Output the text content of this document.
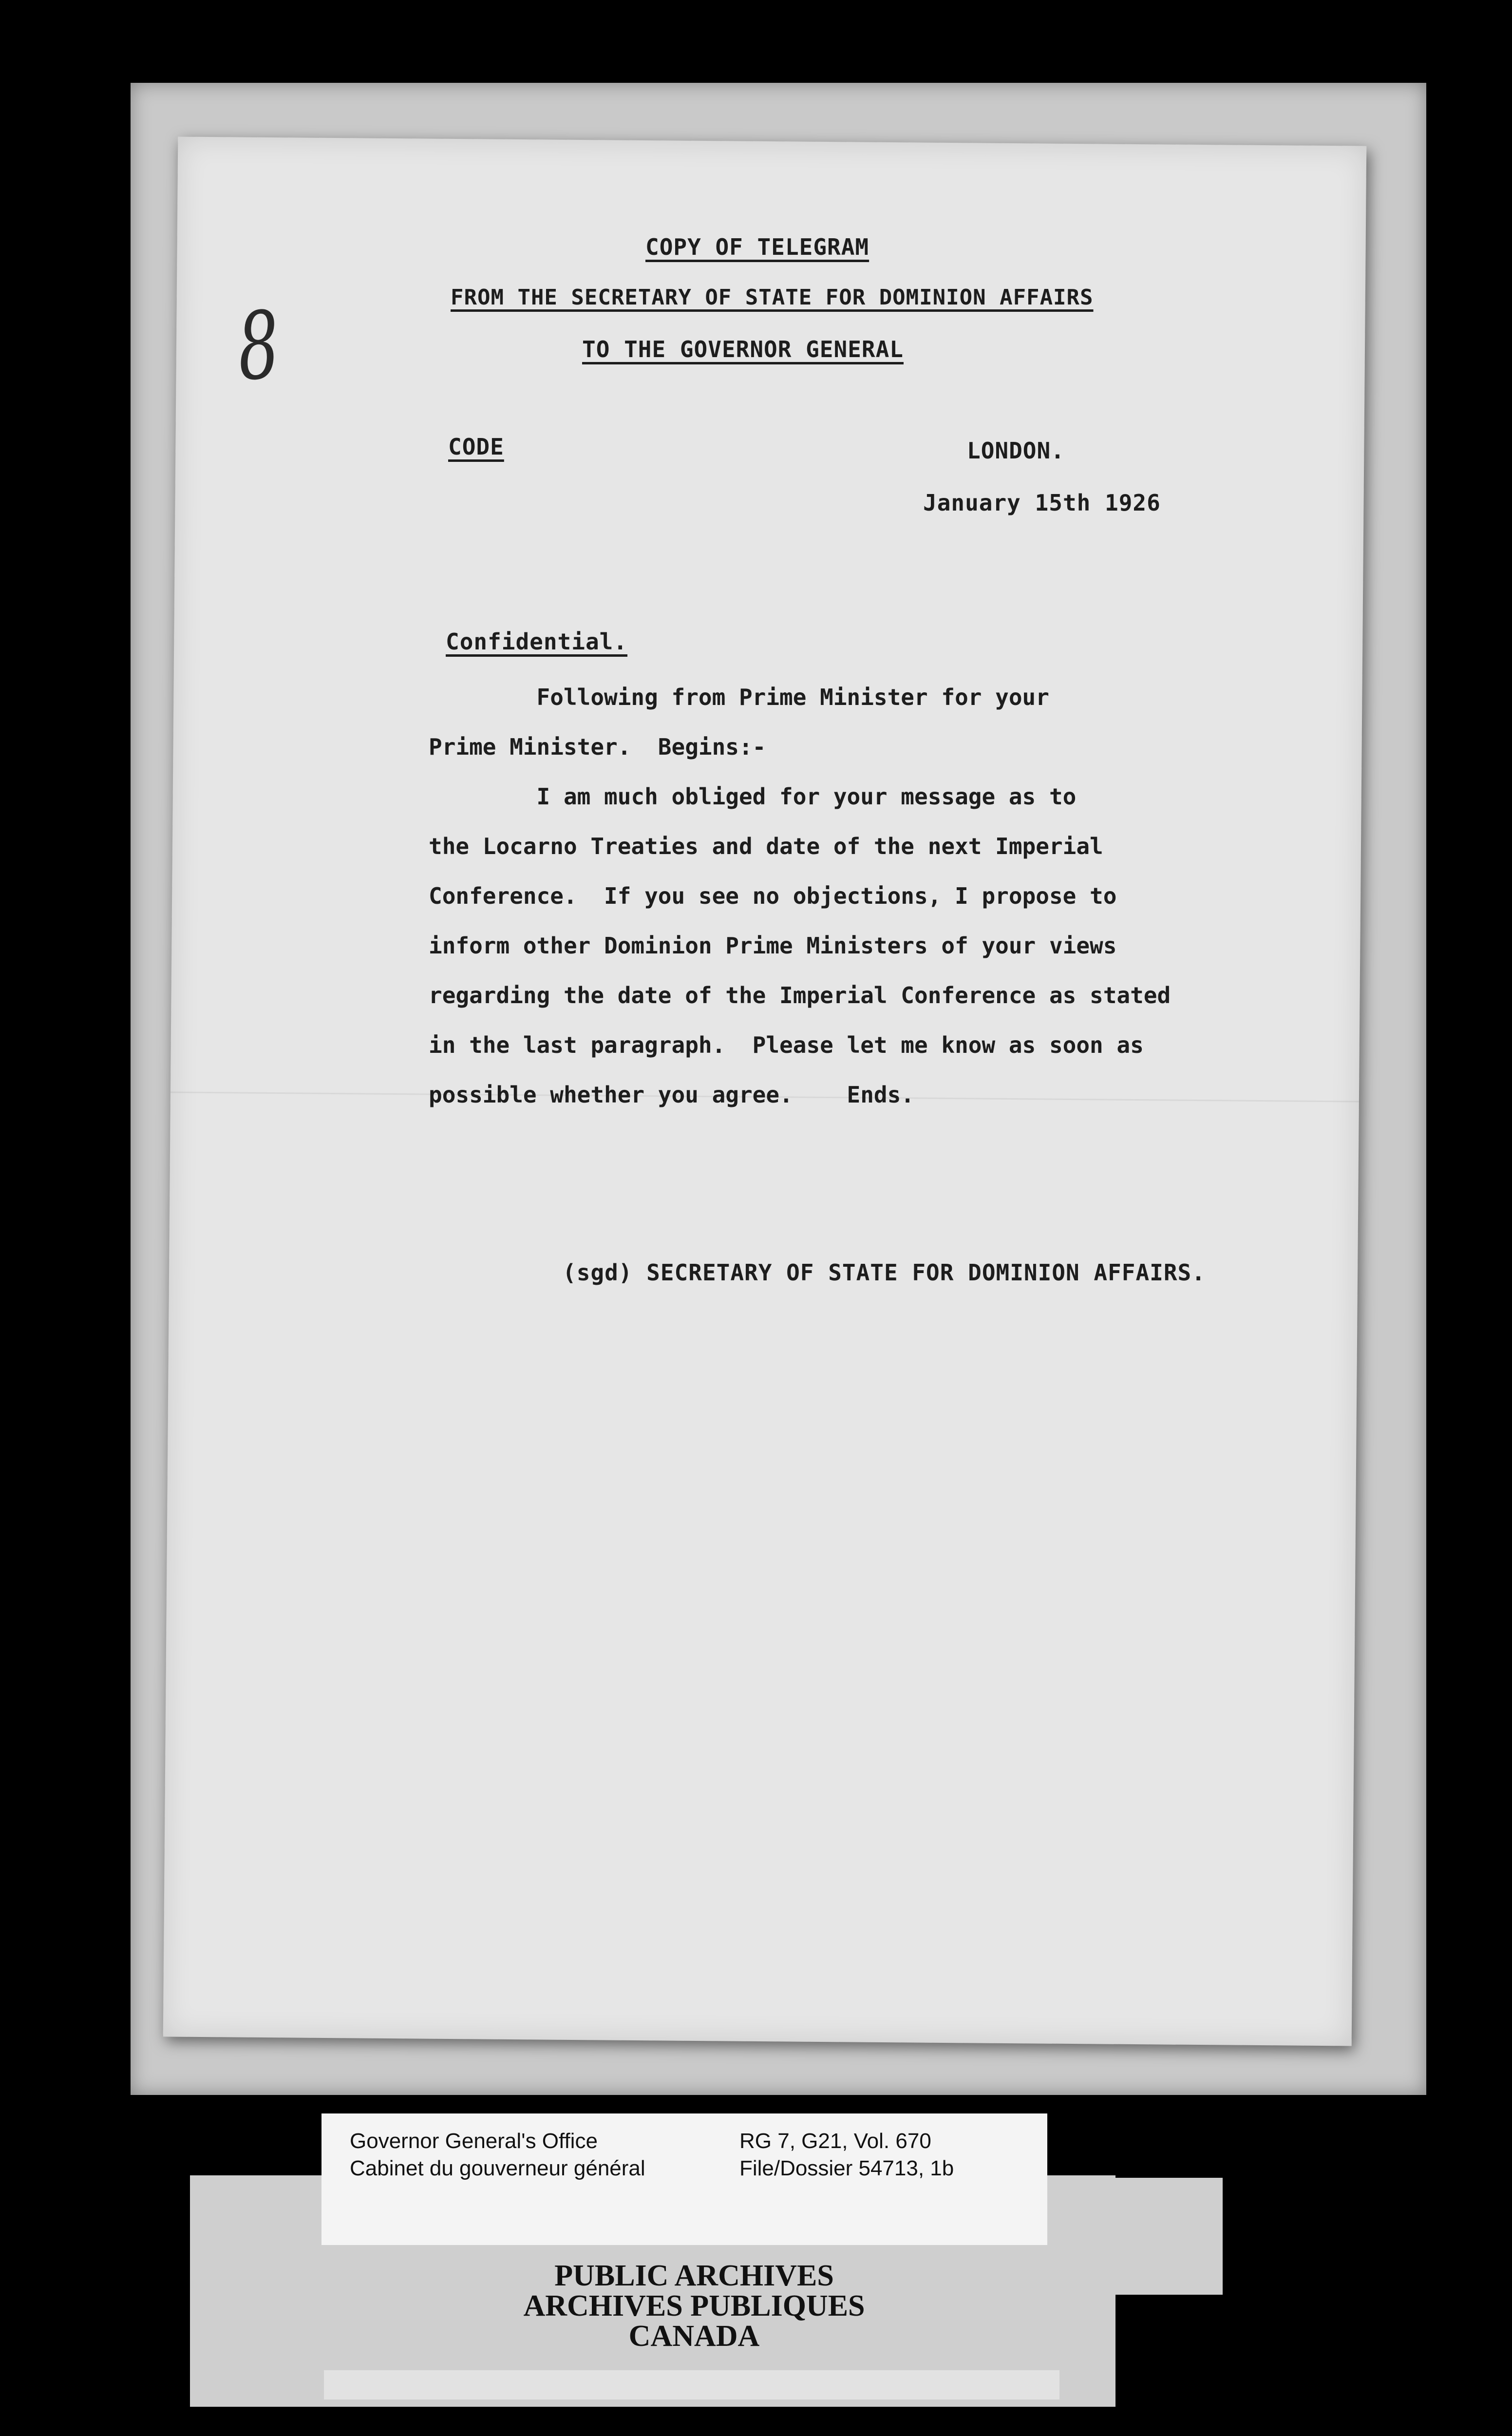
8
COPY OF TELEGRAM
FROM THE SECRETARY OF STATE FOR DOMINION AFFAIRS
TO THE GOVERNOR GENERAL
CODE	LONDON.
January 15th 1926
Confidential.
Following from Prime Minister for your
Prime Minister.  Begins:-
I am much obliged for your message as to
the Locarno Treaties and date of the next Imperial
Conference.  If you see no objections, I propose to
inform other Dominion Prime Ministers of your views
regarding the date of the Imperial Conference as stated
in the last paragraph.  Please let me know as soon as
possible whether you agree.    Ends.
(sgd) SECRETARY OF STATE FOR DOMINION AFFAIRS.
Governor General's Office
Cabinet du gouverneur général
RG 7, G21, Vol. 670
File/Dossier 54713, 1b
PUBLIC ARCHIVES
ARCHIVES PUBLIQUES
CANADA
